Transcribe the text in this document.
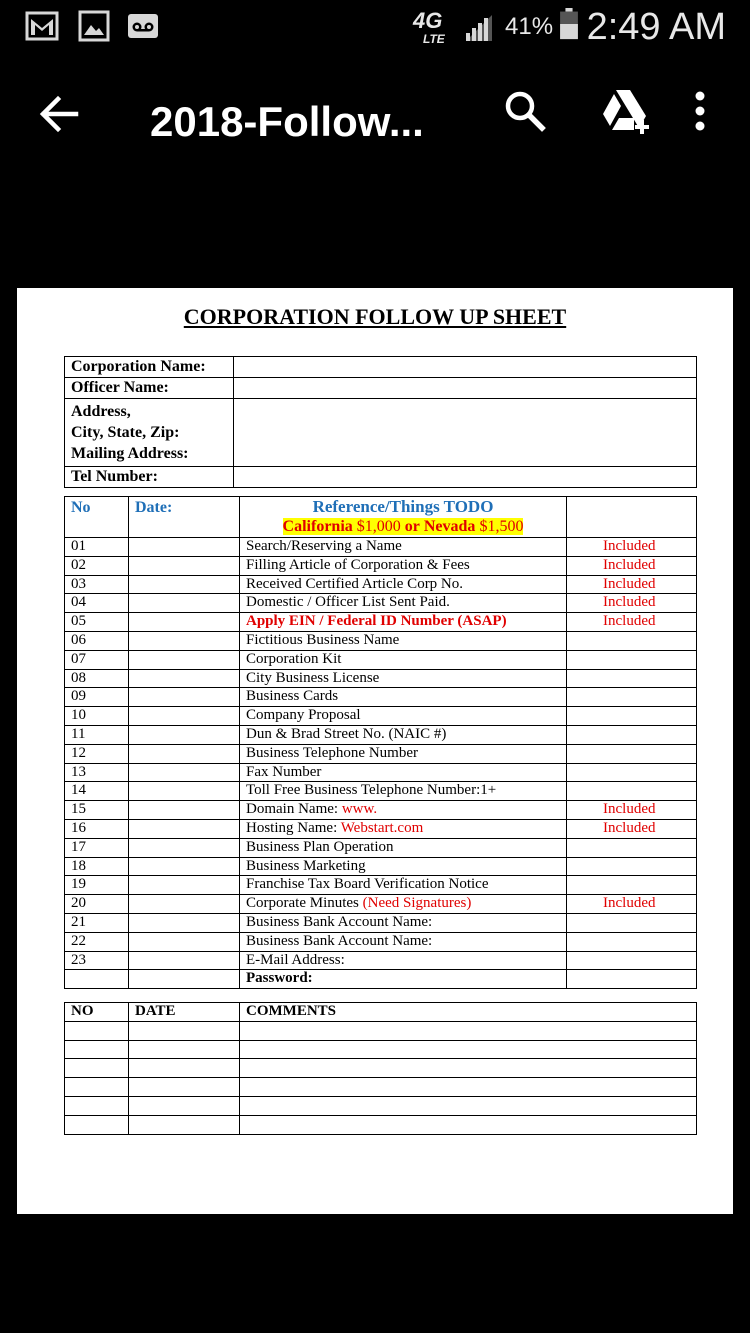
4G
LTE	41% 2:49 AM
2018-Follow...
CORPORATION FOLLOW UP SHEET
Corporation Name:	
Officer Name:	

Address,
City, State, Zip:
Mailing Address:	

Tel Number:	
No	Date:	Reference/Things TODO
California $1,000 or Nevada $1,500	

01		Search/Reserving a Name	Included
02		Filling Article of Corporation & Fees	Included
03		Received Certified Article Corp No.	Included
04		Domestic / Officer List Sent Paid.	Included
05		Apply EIN / Federal ID Number (ASAP)	Included
06		Fictitious Business Name	
07		Corporation Kit	
08		City Business License	
09		Business Cards	
10		Company Proposal	
11		Dun & Brad Street No. (NAIC #)	
12		Business Telephone Number	
13		Fax Number	
14		Toll Free Business Telephone Number:1+	
15		Domain Name: www.	Included
16		Hosting Name: Webstart.com	Included
17		Business Plan Operation	
18		Business Marketing	
19		Franchise Tax Board Verification Notice	
20		Corporate Minutes (Need Signatures)	Included
21		Business Bank Account Name:	
22		Business Bank Account Name:	
23		E-Mail Address:	
		Password:	
NO	DATE	COMMENTS
